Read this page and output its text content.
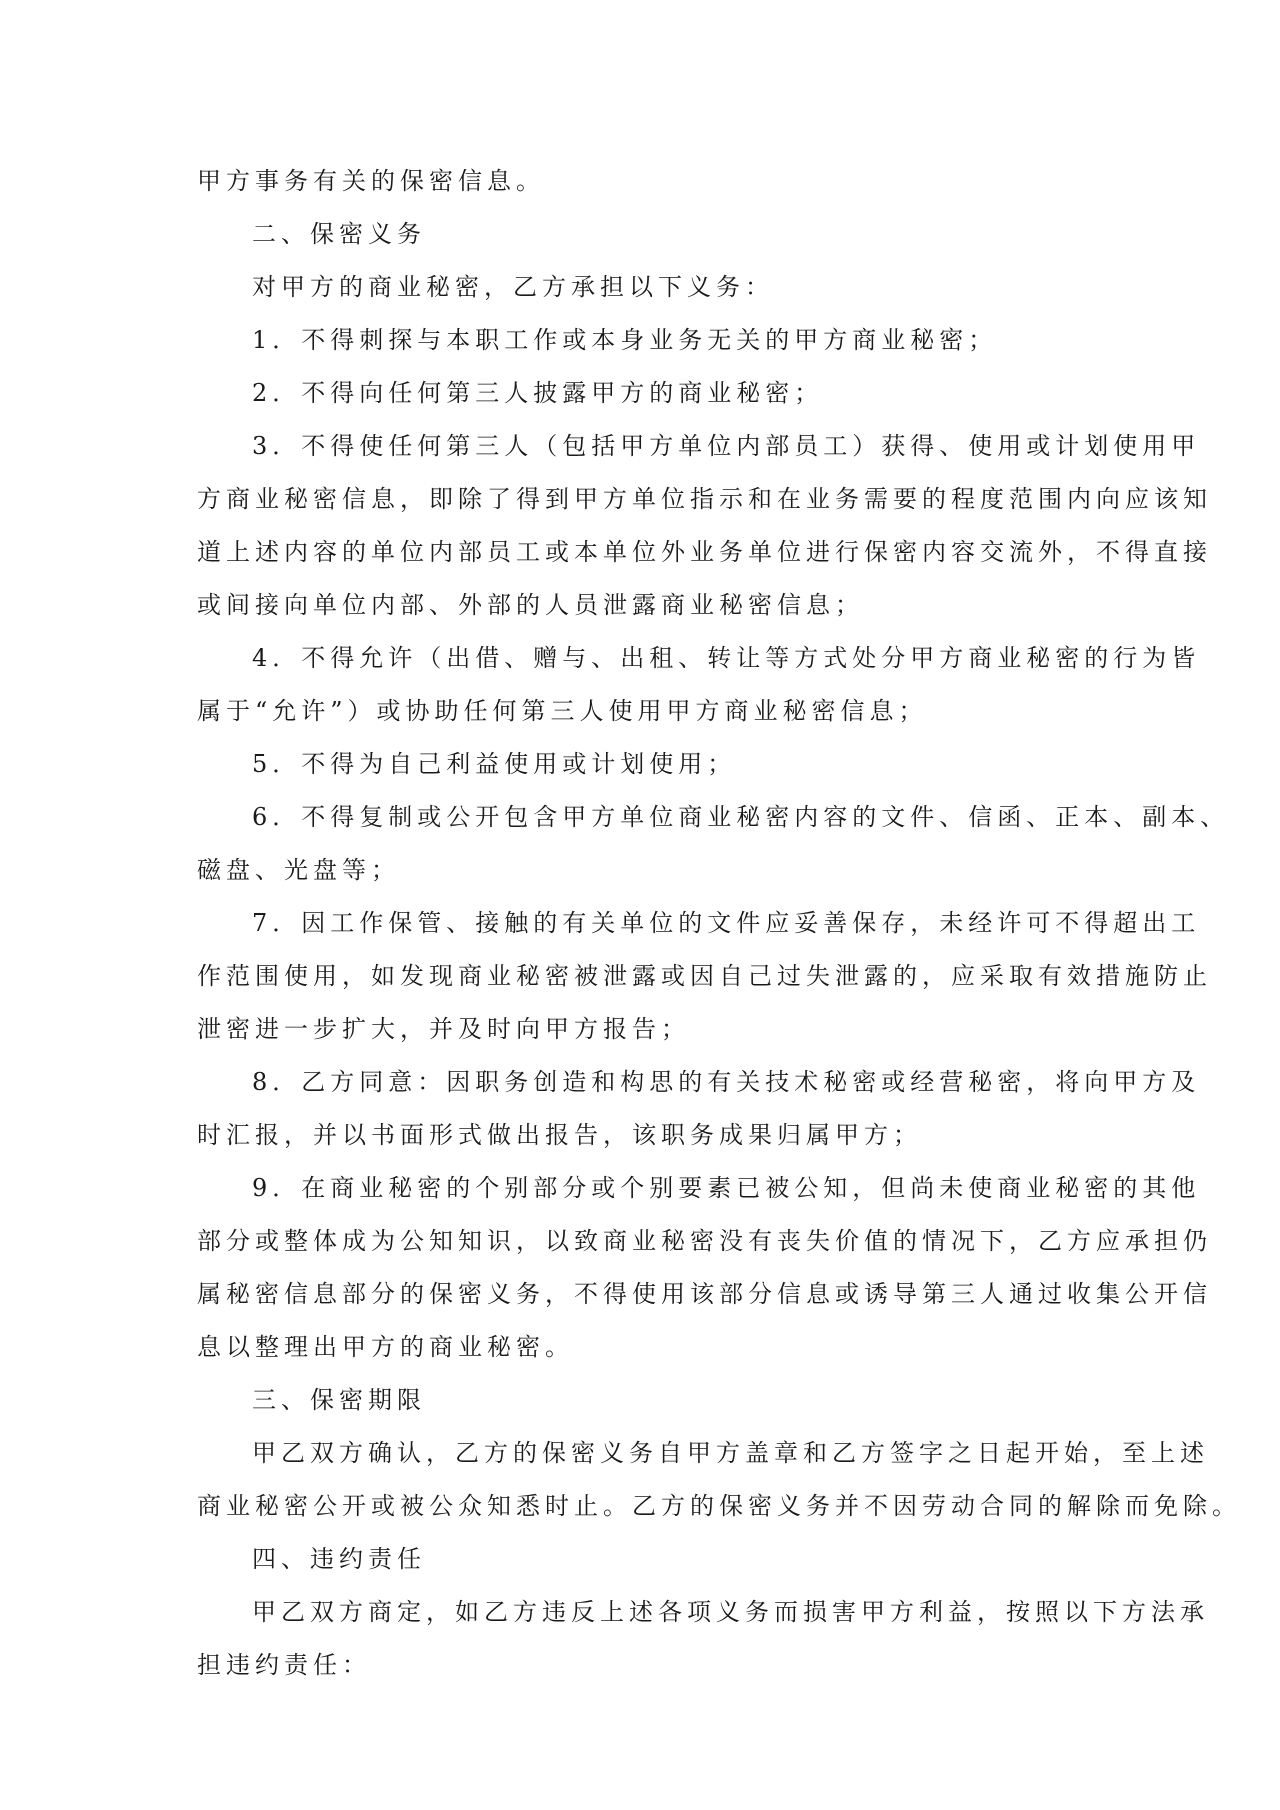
甲方事务有关的保密信息。

二、保密义务

对甲方的商业秘密，乙方承担以下义务：

1．不得刺探与本职工作或本身业务无关的甲方商业秘密；

2．不得向任何第三人披露甲方的商业秘密；

3．不得使任何第三人（包括甲方单位内部员工）获得、使用或计划使用甲

方商业秘密信息，即除了得到甲方单位指示和在业务需要的程度范围内向应该知

道上述内容的单位内部员工或本单位外业务单位进行保密内容交流外，不得直接

或间接向单位内部、外部的人员泄露商业秘密信息；

4．不得允许（出借、赠与、出租、转让等方式处分甲方商业秘密的行为皆

属于“允许”）或协助任何第三人使用甲方商业秘密信息；

5．不得为自己利益使用或计划使用；

6．不得复制或公开包含甲方单位商业秘密内容的文件、信函、正本、副本、

磁盘、光盘等；

7．因工作保管、接触的有关单位的文件应妥善保存，未经许可不得超出工

作范围使用，如发现商业秘密被泄露或因自己过失泄露的，应采取有效措施防止

泄密进一步扩大，并及时向甲方报告；

8．乙方同意：因职务创造和构思的有关技术秘密或经营秘密，将向甲方及

时汇报，并以书面形式做出报告，该职务成果归属甲方；

9．在商业秘密的个别部分或个别要素已被公知，但尚未使商业秘密的其他

部分或整体成为公知知识，以致商业秘密没有丧失价值的情况下，乙方应承担仍

属秘密信息部分的保密义务，不得使用该部分信息或诱导第三人通过收集公开信

息以整理出甲方的商业秘密。

三、保密期限

甲乙双方确认，乙方的保密义务自甲方盖章和乙方签字之日起开始，至上述

商业秘密公开或被公众知悉时止。乙方的保密义务并不因劳动合同的解除而免除。

四、违约责任

甲乙双方商定，如乙方违反上述各项义务而损害甲方利益，按照以下方法承

担违约责任：
